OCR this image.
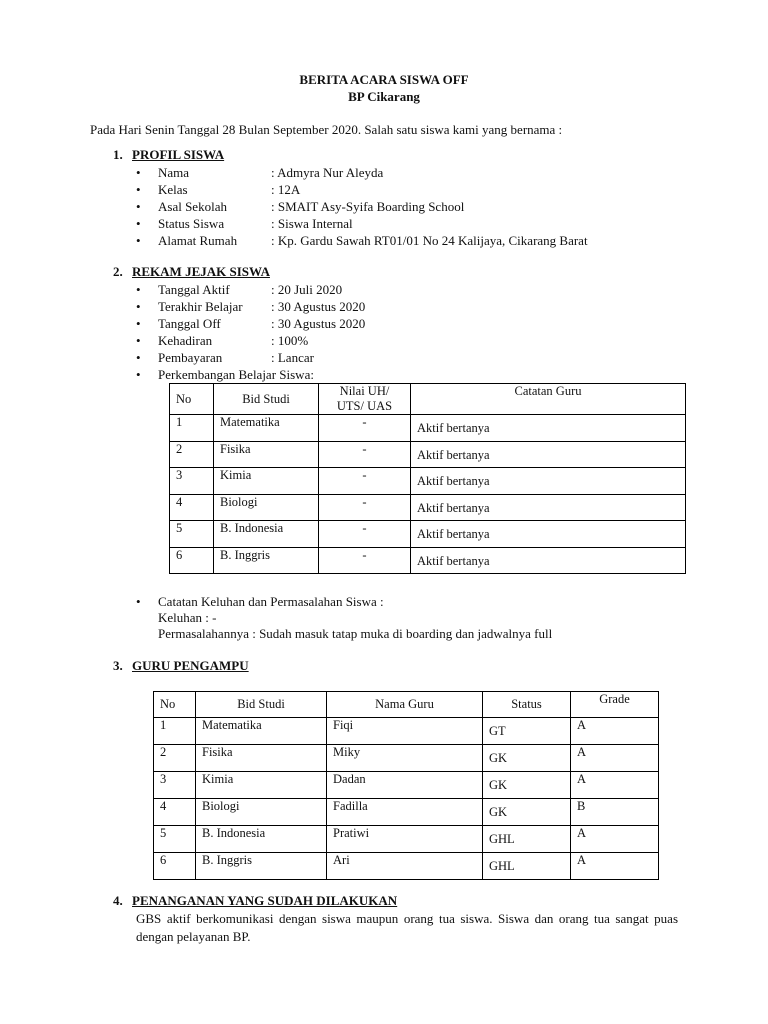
BERITA ACARA SISWA OFF
BP Cikarang
Pada Hari Senin Tanggal 28 Bulan September 2020. Salah satu siswa kami yang bernama :
1. PROFIL SISWA
• Nama	: Admyra Nur Aleyda
• Kelas	: 12A
• Asal Sekolah	: SMAIT Asy-Syifa Boarding School
• Status Siswa	: Siswa Internal
• Alamat Rumah	: Kp. Gardu Sawah RT01/01 No 24 Kalijaya, Cikarang Barat
2. REKAM JEJAK SISWA
• Tanggal Aktif	: 20 Juli 2020
• Terakhir Belajar : 30 Agustus 2020
• Tanggal Off	: 30 Agustus 2020
• Kehadiran	: 100%
• Pembayaran	: Lancar
• Perkembangan Belajar Siswa:
No	Bid Studi	Nilai UH/
UTS/ UAS	Catatan Guru
1	Matematika	-	Aktif bertanya
2	Fisika	-	Aktif bertanya
3	Kimia	-	Aktif bertanya
4	Biologi	-	Aktif bertanya
5	B. Indonesia	-	Aktif bertanya
6	B. Inggris	-	Aktif bertanya
• Catatan Keluhan dan Permasalahan Siswa :
Keluhan : -
Permasalahannya : Sudah masuk tatap muka di boarding dan jadwalnya full
3. GURU PENGAMPU
No	Bid Studi	Nama Guru	Status	Grade
1	Matematika	Fiqi	GT	A
2	Fisika	Miky	GK	A
3	Kimia	Dadan	GK	A
4	Biologi	Fadilla	GK	B
5	B. Indonesia	Pratiwi	GHL	A
6	B. Inggris	Ari	GHL	A
4. PENANGANAN YANG SUDAH DILAKUKAN
GBS aktif berkomunikasi dengan siswa maupun orang tua siswa. Siswa dan orang tua sangat puas dengan pelayanan BP.
